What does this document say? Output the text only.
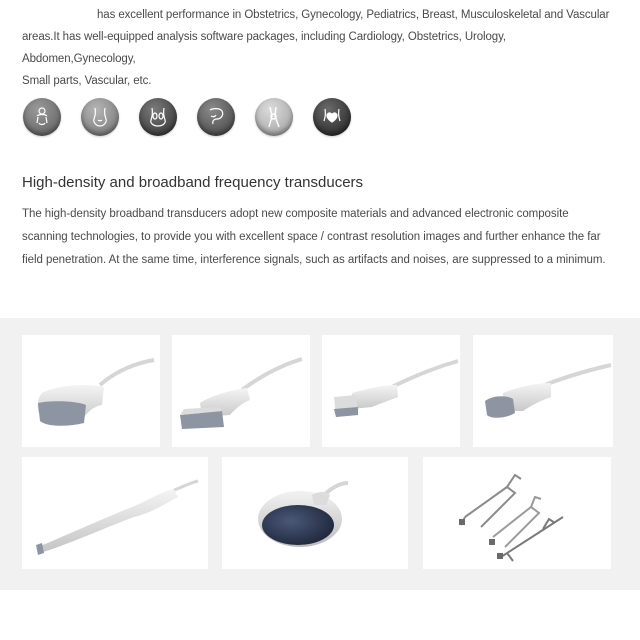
has excellent performance in Obstetrics, Gynecology, Pediatrics, Breast, Musculoskeletal and Vascular
areas.It has well-equipped analysis software packages, including Cardiology, Obstetrics, Urology, Abdomen,Gynecology,
Small parts, Vascular, etc.
High-density and broadband frequency transducers

The high-density broadband transducers adopt new composite materials and advanced electronic composite scanning technologies, to provide you with excellent space / contrast resolution images and further enhance the far field penetration. At the same time, interference signals, such as artifacts and noises, are suppressed to a minimum.
